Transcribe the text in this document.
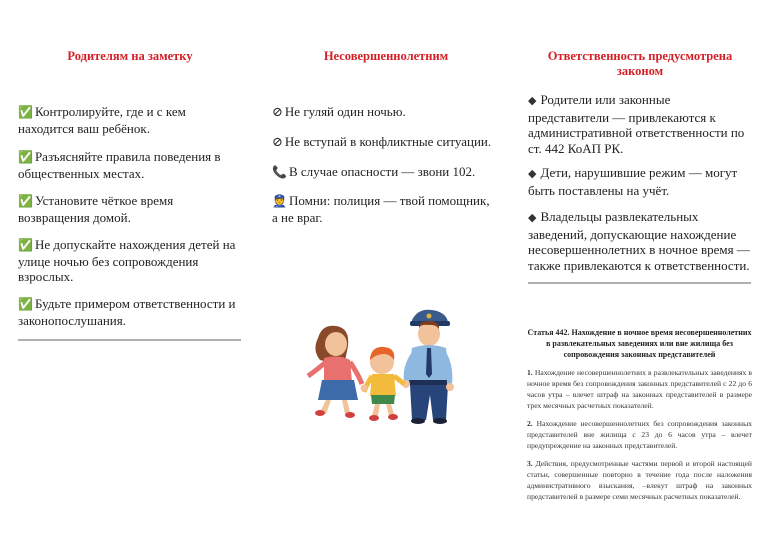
Родителям на заметку
✅ Контролируйте, где и с кем находится ваш ребёнок.
✅ Разъясняйте правила поведения в общественных местах.
✅ Установите чёткое время возвращения домой.
✅ Не допускайте нахождения детей на улице ночью без сопровождения взрослых.
✅ Будьте примером ответственности и законопослушания.
Несовершеннолетним
⊘ Не гуляй один ночью.
⊘ Не вступай в конфликтные ситуации.
📞 В случае опасности — звони 102.
👮 Помни: полиция — твой помощник, а не враг.
Ответственность предусмотрена законом
◆ Родители или законные представители — привлекаются к административной ответственности по ст. 442 КоАП РК.
◆ Дети, нарушившие режим — могут быть поставлены на учёт.
◆ Владельцы развлекательных заведений, допускающие нахождение несовершеннолетних в ночное время — также привлекаются к ответственности.
Статья 442. Нахождение в ночное время несовершеннолетних в развлекательных заведениях или вне жилища без сопровождения законных представителей
1. Нахождение несовершеннолетних в развлекательных заведениях в ночное время без сопровождения законных представителей с 22 до 6 часов утра – влечет штраф на законных представителей в размере трех месячных расчетных показателей.
2. Нахождение несовершеннолетних без сопровождения законных представителей вне жилища с 23 до 6 часов утра – влечет предупреждение на законных представителей.
3. Действия, предусмотренные частями первой и второй настоящей статьи, совершенные повторно в течение года после наложения административного взыскания, –влекут штраф на законных представителей в размере семи месячных расчетных показателей.
